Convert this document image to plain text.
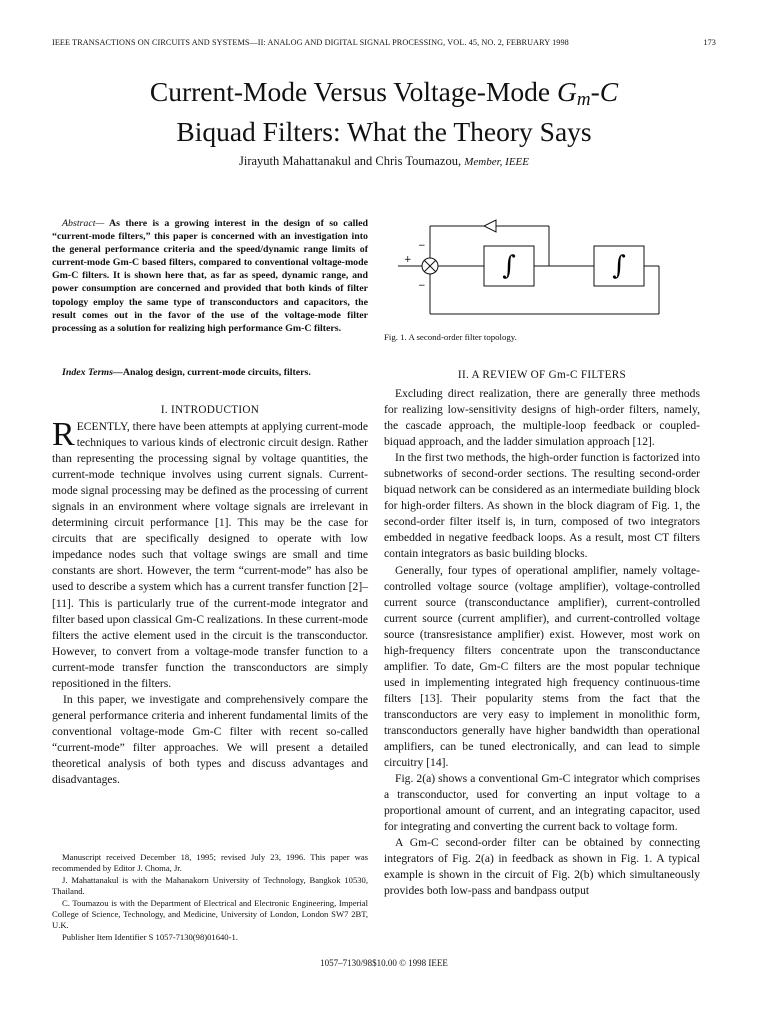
IEEE TRANSACTIONS ON CIRCUITS AND SYSTEMS—II: ANALOG AND DIGITAL SIGNAL PROCESSING, VOL. 45, NO. 2, FEBRUARY 1998	173
Current-Mode Versus Voltage-Mode Gm-C
Biquad Filters: What the Theory Says
Jirayuth Mahattanakul and Chris Toumazou, Member, IEEE
Abstract— As there is a growing interest in the design of so called “current-mode filters,” this paper is concerned with an investigation into the general performance criteria and the speed/dynamic range limits of current-mode Gm-C based filters, compared to conventional voltage-mode Gm-C filters. It is shown here that, as far as speed, dynamic range, and power consumption are concerned and provided that both kinds of filter topology employ the same type of transconductors and capacitors, the result comes out in the favor of the use of the voltage-mode filter processing as a solution for realizing high performance Gm-C filters.
Index Terms—Analog design, current-mode circuits, filters.
I. INTRODUCTION

RECENTLY, there have been attempts at applying current-mode techniques to various kinds of electronic circuit design. Rather than representing the processing signal by voltage quantities, the current-mode technique involves using current signals. Current-mode signal processing may be defined as the processing of current signals in an environment where voltage signals are irrelevant in determining circuit performance [1]. This may be the case for circuits that are specifically designed to operate with low impedance nodes such that voltage swings are small and time constants are short. However, the term “current-mode” has also be used to describe a system which has a current transfer function [2]–[11]. This is particularly true of the current-mode integrator and filter based upon classical Gm-C realizations. In these current-mode filters the active element used in the circuit is the transconductor. However, to convert from a voltage-mode transfer function to a current-mode transfer function the transconductors are simply repositioned in the filters.

In this paper, we investigate and comprehensively compare the general performance criteria and inherent fundamental limits of the conventional voltage-mode Gm-C filter with recent so-called “current-mode” filter approaches. We will present a detailed theoretical analysis of both types and discuss advantages and disadvantages.

Manuscript received December 18, 1995; revised July 23, 1996. This paper was recommended by Editor J. Choma, Jr.

J. Mahattanakul is with the Mahanakorn University of Technology, Bangkok 10530, Thailand.

C. Toumazou is with the Department of Electrical and Electronic Engineering, Imperial College of Science, Technology, and Medicine, University of London, London SW7 2BT, U.K.

Publisher Item Identifier S 1057-7130(98)01640-1.

∫	∫
+
−
−
Fig. 1. A second-order filter topology.
II. A REVIEW OF Gm-C FILTERS

Excluding direct realization, there are generally three methods for realizing low-sensitivity designs of high-order filters, namely, the cascade approach, the multiple-loop feedback or coupled-biquad approach, and the ladder simulation approach [12].

In the first two methods, the high-order function is factorized into subnetworks of second-order sections. The resulting second-order biquad network can be considered as an intermediate building block for high-order filters. As shown in the block diagram of Fig. 1, the second-order filter itself is, in turn, composed of two integrators embedded in negative feedback loops. As a result, most CT filters contain integrators as basic building blocks.

Generally, four types of operational amplifier, namely voltage-controlled voltage source (voltage amplifier), voltage-controlled current source (transconductance amplifier), current-controlled current source (current amplifier), and current-controlled voltage source (transresistance amplifier) exist. However, most work on high-frequency filters concentrate upon the transconductance amplifier. To date, Gm-C filters are the most popular technique used in implementing integrated high frequency continuous-time filters [13]. Their popularity stems from the fact that the transconductors are very easy to implement in monolithic form, transconductors generally have higher bandwidth than operational amplifiers, can be tuned electronically, and can lead to simple circuitry [14].

Fig. 2(a) shows a conventional Gm-C integrator which comprises a transconductor, used for converting an input voltage to a proportional amount of current, and an integrating capacitor, used for integrating and converting the current back to voltage form.

A Gm-C second-order filter can be obtained by connecting integrators of Fig. 2(a) in feedback as shown in Fig. 1. A typical example is shown in the circuit of Fig. 2(b) which simultaneously provides both low-pass and bandpass output

1057–7130/98$10.00 © 1998 IEEE
